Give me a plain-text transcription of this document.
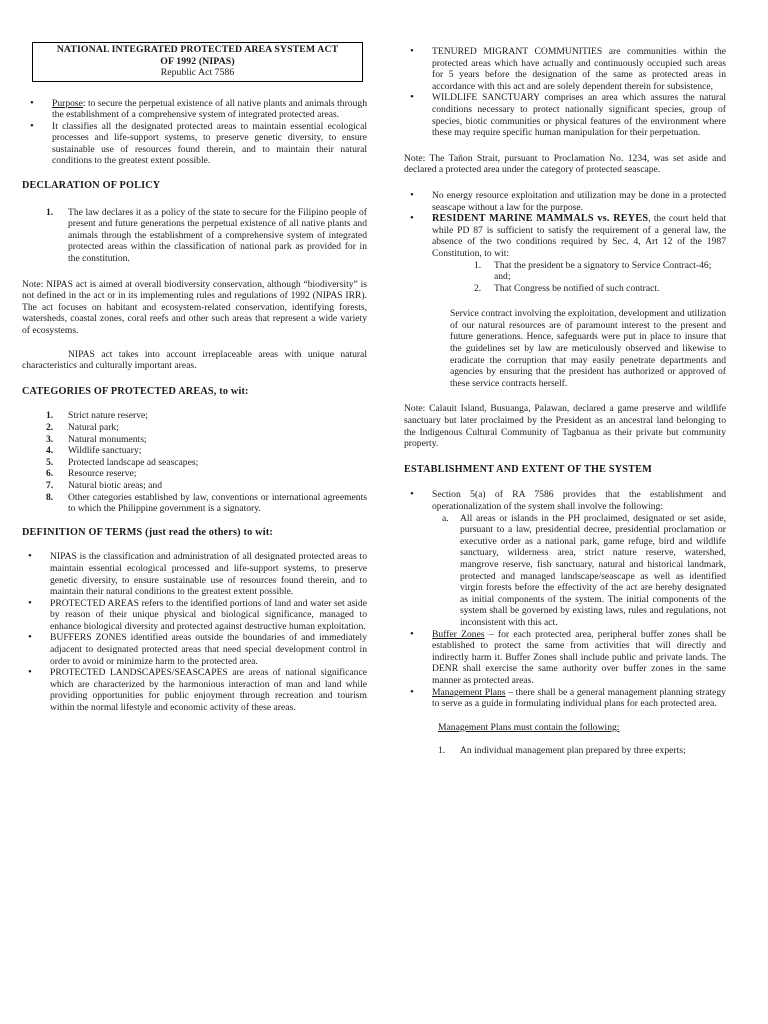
NATIONAL INTEGRATED PROTECTED AREA SYSTEM ACT
OF 1992 (NIPAS)
Republic Act 7586
• Purpose: to secure the perpetual existence of all native plants and animals through the establishment of a comprehensive system of integrated protected areas.
• It classifies all the designated protected areas to maintain essential ecological processes and life-support systems, to preserve genetic diversity, to ensure sustainable use of resources found therein, and to maintain their natural conditions to the greatest extent possible.
DECLARATION OF POLICY
1. The law declares it as a policy of the state to secure for the Filipino people of present and future generations the perpetual existence of all native plants and animals through the establishment of a comprehensive system of integrated protected areas within the classification of national park as provided for in the constitution.
Note: NIPAS act is aimed at overall biodiversity conservation, although “biodiversity” is not defined in the act or in its implementing rules and regulations of 1992 (NIPAS IRR). The act focuses on habitant and ecosystem-related conservation, identifying forests, watersheds, coastal zones, coral reefs and other such areas that represent a wide variety of ecosystems.
NIPAS act takes into account irreplaceable areas with unique natural characteristics and culturally important areas.
CATEGORIES OF PROTECTED AREAS, to wit:
1. Strict nature reserve;
2. Natural park;
3. Natural monuments;
4. Wildlife sanctuary;
5. Protected landscape ad seascapes;
6. Resource reserve;
7. Natural biotic areas; and
8. Other categories established by law, conventions or international agreements to which the Philippine government is a signatory.
DEFINITION OF TERMS (just read the others) to wit:
• NIPAS is the classification and administration of all designated protected areas to maintain essential ecological processed and life-support systems, to preserve genetic diversity, to ensure sustainable use of resources found therein, and to maintain their natural conditions to the greatest extent possible.
• PROTECTED AREAS refers to the identified portions of land and water set aside by reason of their unique physical and biological significance, managed to enhance biological diversity and protected against destructive human exploitation.
• BUFFERS ZONES identified areas outside the boundaries of and immediately adjacent to designated protected areas that need special development control in order to avoid or minimize harm to the protected area.
• PROTECTED LANDSCAPES/SEASCAPES are areas of national significance which are characterized by the harmonious interaction of man and land while providing opportunities for public enjoyment through recreation and tourism within the normal lifestyle and economic activity of these areas.
• TENURED MIGRANT COMMUNITIES are communities within the protected areas which have actually and continuously occupied such areas for 5 years before the designation of the same as protected areas in accordance with this act and are solely dependent therein for subsistence,
• WILDLIFE SANCTUARY comprises an area which assures the natural conditions necessary to protect nationally significant species, group of species, biotic communities or physical features of the environment where these may require specific human manipulation for their perpetuation.
Note: The Tañon Strait, pursuant to Proclamation No. 1234, was set aside and declared a protected area under the category of protected seascape.
• No energy resource exploitation and utilization may be done in a protected seascape without a law for the purpose.
• RESIDENT MARINE MAMMALS vs. REYES, the court held that while PD 87 is sufficient to satisfy the requirement of a general law, the absence of the two conditions required by Sec. 4, Art 12 of the 1987 Constitution, to wit:
1. That the president be a signatory to Service Contract-46; and;
2. That Congress be notified of such contract.
Service contract involving the exploitation, development and utilization of our natural resources are of paramount interest to the present and future generations. Hence, safeguards were put in place to insure that the guidelines set by law are meticulously observed and likewise to eradicate the corruption that may easily penetrate departments and agencies by ensuring that the president has authorized or approved of these service contracts herself.
Note: Calauit Island, Busuanga, Palawan, declared a game preserve and wildlife sanctuary but later proclaimed by the President as an ancestral land belonging to the Indigenous Cultural Community of Tagbanua as their private but community property.
ESTABLISHMENT AND EXTENT OF THE SYSTEM
• Section 5(a) of RA 7586 provides that the establishment and operationalization of the system shall involve the following:
a. All areas or islands in the PH proclaimed, designated or set aside, pursuant to a law, presidential decree, presidential proclamation or executive order as a national park, game refuge, bird and wildlife sanctuary, wilderness area, strict nature reserve, watershed, mangrove reserve, fish sanctuary, natural and historical landmark, protected and managed landscape/seascape as well as identified virgin forests before the effectivity of the act are hereby designated as initial components of the system. The initial components of the system shall be governed by existing laws, rules and regulations, not inconsistent with this act.
• Buffer Zones – for each protected area, peripheral buffer zones shall be established to protect the same from activities that will directly and indirectly harm it. Buffer Zones shall include public and private lands. The DENR shall exercise the same authority over buffer zones in the same manner as protected areas.
• Management Plans – there shall be a general management planning strategy to serve as a guide in formulating individual plans for each protected area.
Management Plans must contain the following:
1. An individual management plan prepared by three experts;
